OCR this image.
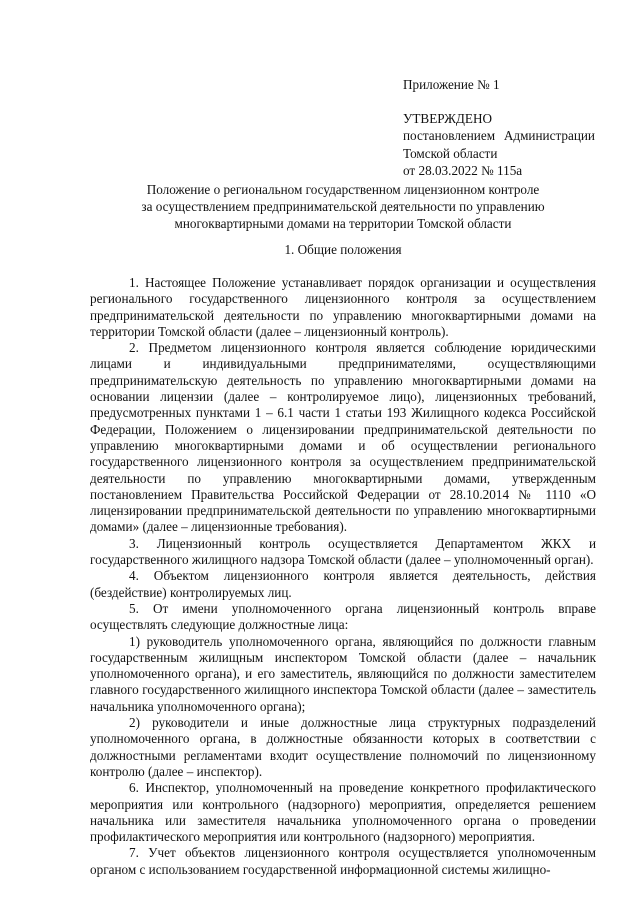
Приложение № 1
УТВЕРЖДЕНО
постановлением Администрации
Томской области
от 28.03.2022 № 115а
Положение о региональном государственном лицензионном контроле
за осуществлением предпринимательской деятельности по управлению
многоквартирными домами на территории Томской области
1. Общие положения

1. Настоящее Положение устанавливает порядок организации и осуществления регионального государственного лицензионного контроля за осуществлением предпринимательской деятельности по управлению многоквартирными домами на территории Томской области (далее – лицензионный контроль).

2. Предметом лицензионного контроля является соблюдение юридическими лицами и индивидуальными предпринимателями, осуществляющими предпринимательскую деятельность по управлению многоквартирными домами на основании лицензии (далее – контролируемое лицо), лицензионных требований, предусмотренных пунктами 1 – 6.1 части 1 статьи 193 Жилищного кодекса Российской Федерации, Положением о лицензировании предпринимательской деятельности по управлению многоквартирными домами и об осуществлении регионального государственного лицензионного контроля за осуществлением предпринимательской деятельности по управлению многоквартирными домами, утвержденным постановлением Правительства Российской Федерации от 28.10.2014 № 1110 «О лицензировании предпринимательской деятельности по управлению многоквартирными домами» (далее – лицензионные требования).

3. Лицензионный контроль осуществляется Департаментом ЖКХ и государственного жилищного надзора Томской области (далее – уполномоченный орган).

4. Объектом лицензионного контроля является деятельность, действия (бездействие) контролируемых лиц.

5. От имени уполномоченного органа лицензионный контроль вправе осуществлять следующие должностные лица:

1) руководитель уполномоченного органа, являющийся по должности главным государственным жилищным инспектором Томской области (далее – начальник уполномоченного органа), и его заместитель, являющийся по должности заместителем главного государственного жилищного инспектора Томской области (далее – заместитель начальника уполномоченного органа);

2) руководители и иные должностные лица структурных подразделений уполномоченного органа, в должностные обязанности которых в соответствии с должностными регламентами входит осуществление полномочий по лицензионному контролю (далее – инспектор).

6. Инспектор, уполномоченный на проведение конкретного профилактического мероприятия или контрольного (надзорного) мероприятия, определяется решением начальника или заместителя начальника уполномоченного органа о проведении профилактического мероприятия или контрольного (надзорного) мероприятия.

7. Учет объектов лицензионного контроля осуществляется уполномоченным органом с использованием государственной информационной системы жилищно-
